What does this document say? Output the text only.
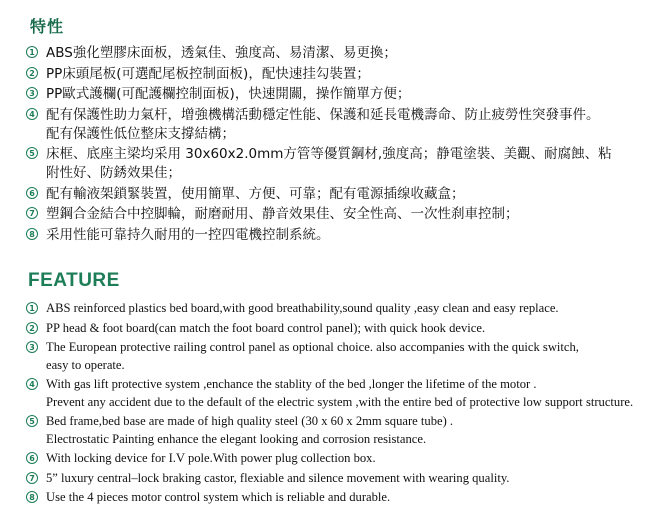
特性
1 ABS強化塑膠床面板，透氣佳、強度高、易清潔、易更換；
2 PP床頭尾板(可選配尾板控制面板)，配快速挂勾裝置；
3 PP歐式護欄(可配護欄控制面板)，快速開關，操作簡單方便；
4 配有保護性助力氣杆，增強機構活動穩定性能、保護和延長電機壽命、防止疲勞性突發事件。
配有保護性低位整床支撐結構；
5 床框、底座主梁均采用 30x60x2.0mm方管等優質鋼材,強度高；静電塗裝、美觀、耐腐蝕、粘
附性好、防銹效果佳；
6 配有輸液架鎖緊裝置，使用簡單、方便、可靠；配有電源插缐收藏盒；
7 塑鋼合金結合中控脚輪，耐磨耐用、静音效果佳、安全性高、一次性刹車控制；
8 采用性能可靠持久耐用的一控四電機控制系統。
FEATURE
1 ABS reinforced plastics bed board,with good breathability,sound quality ,easy clean and easy replace.
2 PP head & foot board(can match the foot board control panel); with quick hook device.
3 The European protective railing control panel as optional choice. also accompanies with the quick switch,
easy to operate.
4 With gas lift protective system ,enchance the stablity of the bed ,longer the lifetime of the motor .
Prevent any accident due to the default of the electric system ,with the entire bed of protective low support structure.
5 Bed frame,bed base are made of high quality steel (30 x 60 x 2mm square tube) .
Electrostatic Painting enhance the elegant looking and corrosion resistance.
6 With locking device for I.V pole.With power plug collection box.
7 5” luxury central–lock braking castor, flexiable and silence movement with wearing quality.
8 Use the 4 pieces motor control system which is reliable and durable.
